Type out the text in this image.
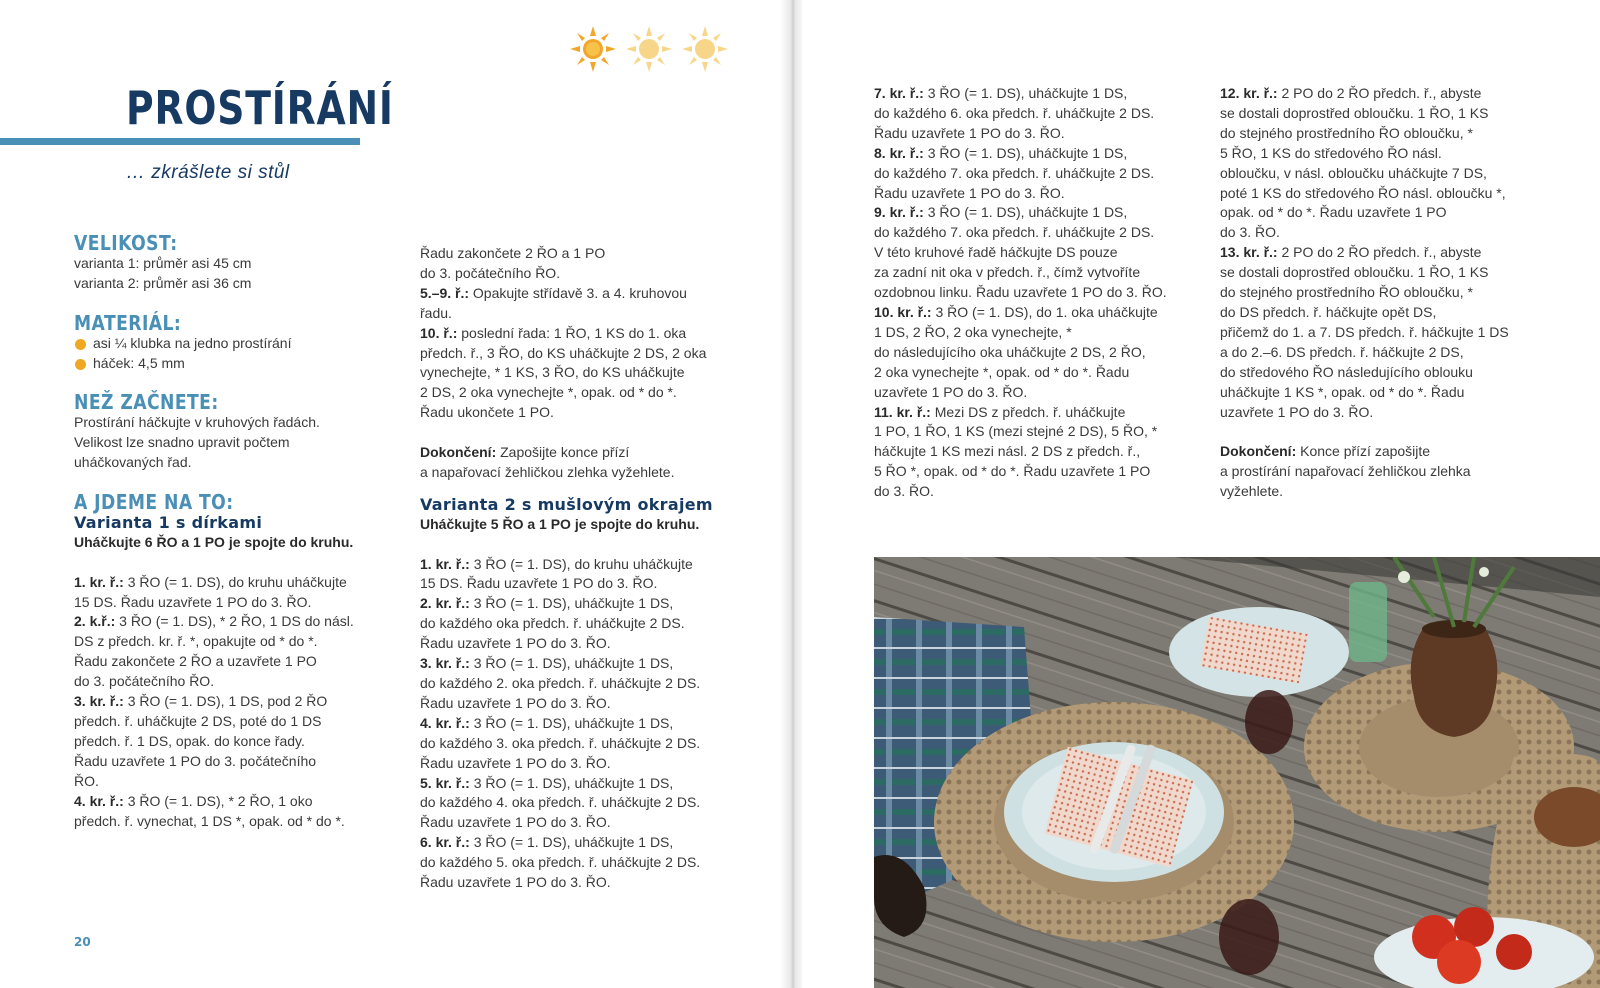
PROSTÍRÁNÍ

… zkrášlete si stůl

VELIKOST:

varianta 1: průměr asi 45 cm

varianta 2: průměr asi 36 cm

MATERIÁL:

asi ¼ klubka na jedno prostírání

háček: 4,5 mm

NEŽ ZAČNETE:

Prostírání háčkujte v kruhových řadách.

Velikost lze snadno upravit počtem

uháčkovaných řad.

A JDEME NA TO:

Varianta 1 s dírkami

Uháčkujte 6 ŘO a 1 PO je spojte do kruhu.

1. kr. ř.: 3 ŘO (= 1. DS), do kruhu uháčkujte

15 DS. Řadu uzavřete 1 PO do 3. ŘO.

2. k.ř.: 3 ŘO (= 1. DS), * 2 ŘO, 1 DS do násl.

DS z předch. kr. ř. *, opakujte od * do *.

Řadu zakončete 2 ŘO a uzavřete 1 PO

do 3. počátečního ŘO.

3. kr. ř.: 3 ŘO (= 1. DS), 1 DS, pod 2 ŘO

předch. ř. uháčkujte 2 DS, poté do 1 DS

předch. ř. 1 DS, opak. do konce řady.

Řadu uzavřete 1 PO do 3. počátečního

ŘO.

4. kr. ř.: 3 ŘO (= 1. DS), * 2 ŘO, 1 oko

předch. ř. vynechat, 1 DS *, opak. od * do *.

Řadu zakončete 2 ŘO a 1 PO

do 3. počátečního ŘO.

5.–9. ř.: Opakujte střídavě 3. a 4. kruhovou

řadu.

10. ř.: poslední řada: 1 ŘO, 1 KS do 1. oka

předch. ř., 3 ŘO, do KS uháčkujte 2 DS, 2 oka

vynechejte, * 1 KS, 3 ŘO, do KS uháčkujte

2 DS, 2 oka vynechejte *, opak. od * do *.

Řadu ukončete 1 PO.

Dokončení: Zapošijte konce přízí

a napařovací žehličkou zlehka vyžehlete.

Varianta 2 s mušlovým okrajem

Uháčkujte 5 ŘO a 1 PO je spojte do kruhu.

1. kr. ř.: 3 ŘO (= 1. DS), do kruhu uháčkujte

15 DS. Řadu uzavřete 1 PO do 3. ŘO.

2. kr. ř.: 3 ŘO (= 1. DS), uháčkujte 1 DS,

do každého oka předch. ř. uháčkujte 2 DS.

Řadu uzavřete 1 PO do 3. ŘO.

3. kr. ř.: 3 ŘO (= 1. DS), uháčkujte 1 DS,

do každého 2. oka předch. ř. uháčkujte 2 DS.

Řadu uzavřete 1 PO do 3. ŘO.

4. kr. ř.: 3 ŘO (= 1. DS), uháčkujte 1 DS,

do každého 3. oka předch. ř. uháčkujte 2 DS.

Řadu uzavřete 1 PO do 3. ŘO.

5. kr. ř.: 3 ŘO (= 1. DS), uháčkujte 1 DS,

do každého 4. oka předch. ř. uháčkujte 2 DS.

Řadu uzavřete 1 PO do 3. ŘO.

6. kr. ř.: 3 ŘO (= 1. DS), uháčkujte 1 DS,

do každého 5. oka předch. ř. uháčkujte 2 DS.

Řadu uzavřete 1 PO do 3. ŘO.

20

7. kr. ř.: 3 ŘO (= 1. DS), uháčkujte 1 DS,

do každého 6. oka předch. ř. uháčkujte 2 DS.

Řadu uzavřete 1 PO do 3. ŘO.

8. kr. ř.: 3 ŘO (= 1. DS), uháčkujte 1 DS,

do každého 7. oka předch. ř. uháčkujte 2 DS.

Řadu uzavřete 1 PO do 3. ŘO.

9. kr. ř.: 3 ŘO (= 1. DS), uháčkujte 1 DS,

do každého 7. oka předch. ř. uháčkujte 2 DS.

V této kruhové řadě háčkujte DS pouze

za zadní nit oka v předch. ř., čímž vytvoříte

ozdobnou linku. Řadu uzavřete 1 PO do 3. ŘO.

10. kr. ř.: 3 ŘO (= 1. DS), do 1. oka uháčkujte

1 DS, 2 ŘO, 2 oka vynechejte, *

do následujícího oka uháčkujte 2 DS, 2 ŘO,

2 oka vynechejte *, opak. od * do *. Řadu

uzavřete 1 PO do 3. ŘO.

11. kr. ř.: Mezi DS z předch. ř. uháčkujte

1 PO, 1 ŘO, 1 KS (mezi stejné 2 DS), 5 ŘO, *

háčkujte 1 KS mezi násl. 2 DS z předch. ř.,

5 ŘO *, opak. od * do *. Řadu uzavřete 1 PO

do 3. ŘO.

12. kr. ř.: 2 PO do 2 ŘO předch. ř., abyste

se dostali doprostřed obloučku. 1 ŘO, 1 KS

do stejného prostředního ŘO obloučku, *

5 ŘO, 1 KS do středového ŘO násl.

obloučku, v násl. obloučku uháčkujte 7 DS,

poté 1 KS do středového ŘO násl. obloučku *,

opak. od * do *. Řadu uzavřete 1 PO

do 3. ŘO.

13. kr. ř.: 2 PO do 2 ŘO předch. ř., abyste

se dostali doprostřed obloučku. 1 ŘO, 1 KS

do stejného prostředního ŘO obloučku, *

do DS předch. ř. háčkujte opět DS,

přičemž do 1. a 7. DS předch. ř. háčkujte 1 DS

a do 2.–6. DS předch. ř. háčkujte 2 DS,

do středového ŘO následujícího oblouku

uháčkujte 1 KS *, opak. od * do *. Řadu

uzavřete 1 PO do 3. ŘO.

Dokončení: Konce přízí zapošijte

a prostírání napařovací žehličkou zlehka

vyžehlete.
